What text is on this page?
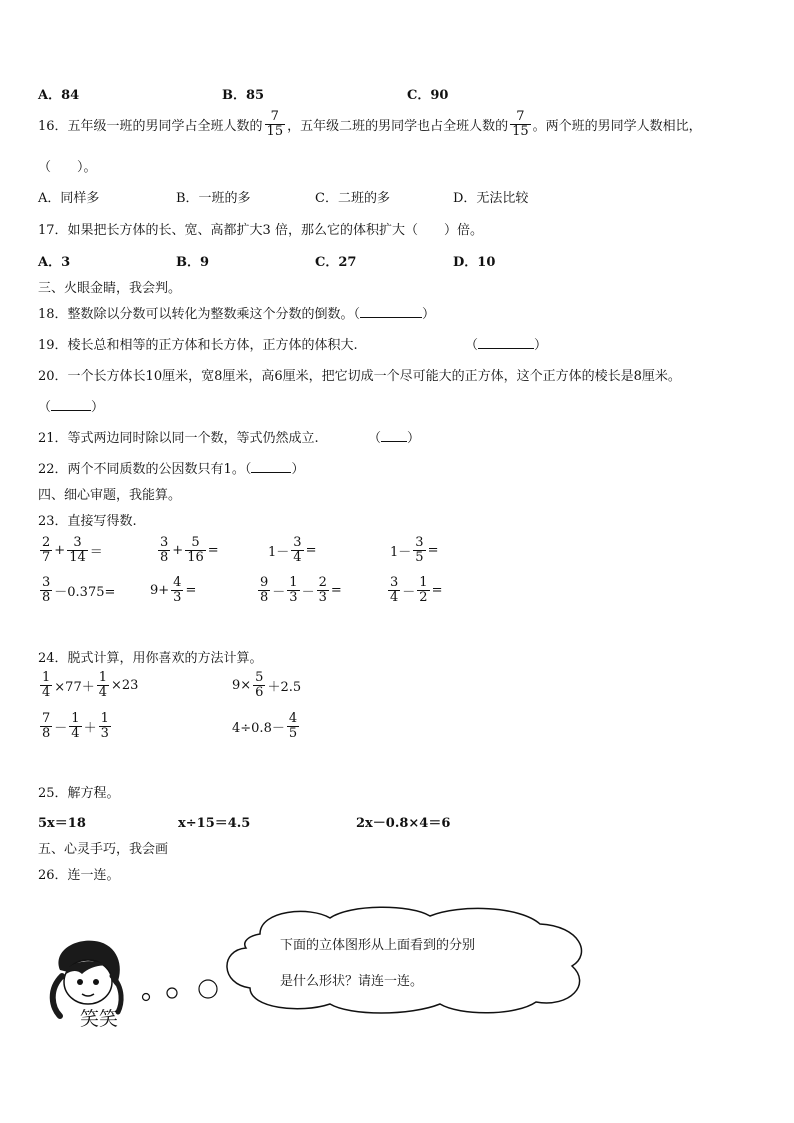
A．84	B．85	C．90
16．五年级一班的男同学占全班人数的 $\frac{7}{15}$ ，五年级二班的男同学也占全班人数的 $\frac{7}{15}$ 。两个班的男同学人数相比，
（　　）。
A．同样多	B．一班的多	C．二班的多	D．无法比较
17．如果把长方体的长、宽、高都扩大3 倍，那么它的体积扩大（　　）倍。
A．3	B．9	C．27	D．10
三、火眼金睛，我会判。
18．整数除以分数可以转化为整数乘这个分数的倒数。（	）
19．棱长总和相等的正方体和长方体，正方体的体积大.	（	）
20．一个长方体长10厘米，宽8厘米，高6厘米，把它切成一个尽可能大的正方体，这个正方体的棱长是8厘米。
（	）
21．等式两边同时除以同一个数，等式仍然成立.	（ ）
22．两个不同质数的公因数只有1。（	）
四、细心审题，我能算。
23．直接写得数.
$\frac{2}{7} + \frac{3}{14}$ ＝	$\frac{3}{8} + \frac{5}{16}$ =	$1- \frac{3}{4}$ =	$1- \frac{3}{5}$ =
$\frac{3}{8} -0.375=$	$9+ \frac{4}{3}$ =	$\frac{9}{8} - \frac{1}{3} - \frac{2}{3}$ =	$\frac{3}{4} - \frac{1}{2}$ =
24．脱式计算，用你喜欢的方法计算。
$\frac{1}{4} \times 77+ \frac{1}{4} \times 23$	$9\times \frac{5}{6} +2.5$
$\frac{7}{8} - \frac{1}{4} + \frac{1}{3}$	$4\div 0.8- \frac{4}{5}$
25．解方程。
5x＝18	x÷15＝4.5	2x－0.8×4＝6
五、心灵手巧，我会画
26．连一连。
笑笑
下面的立体图形从上面看到的分别
是什么形状？请连一连。
